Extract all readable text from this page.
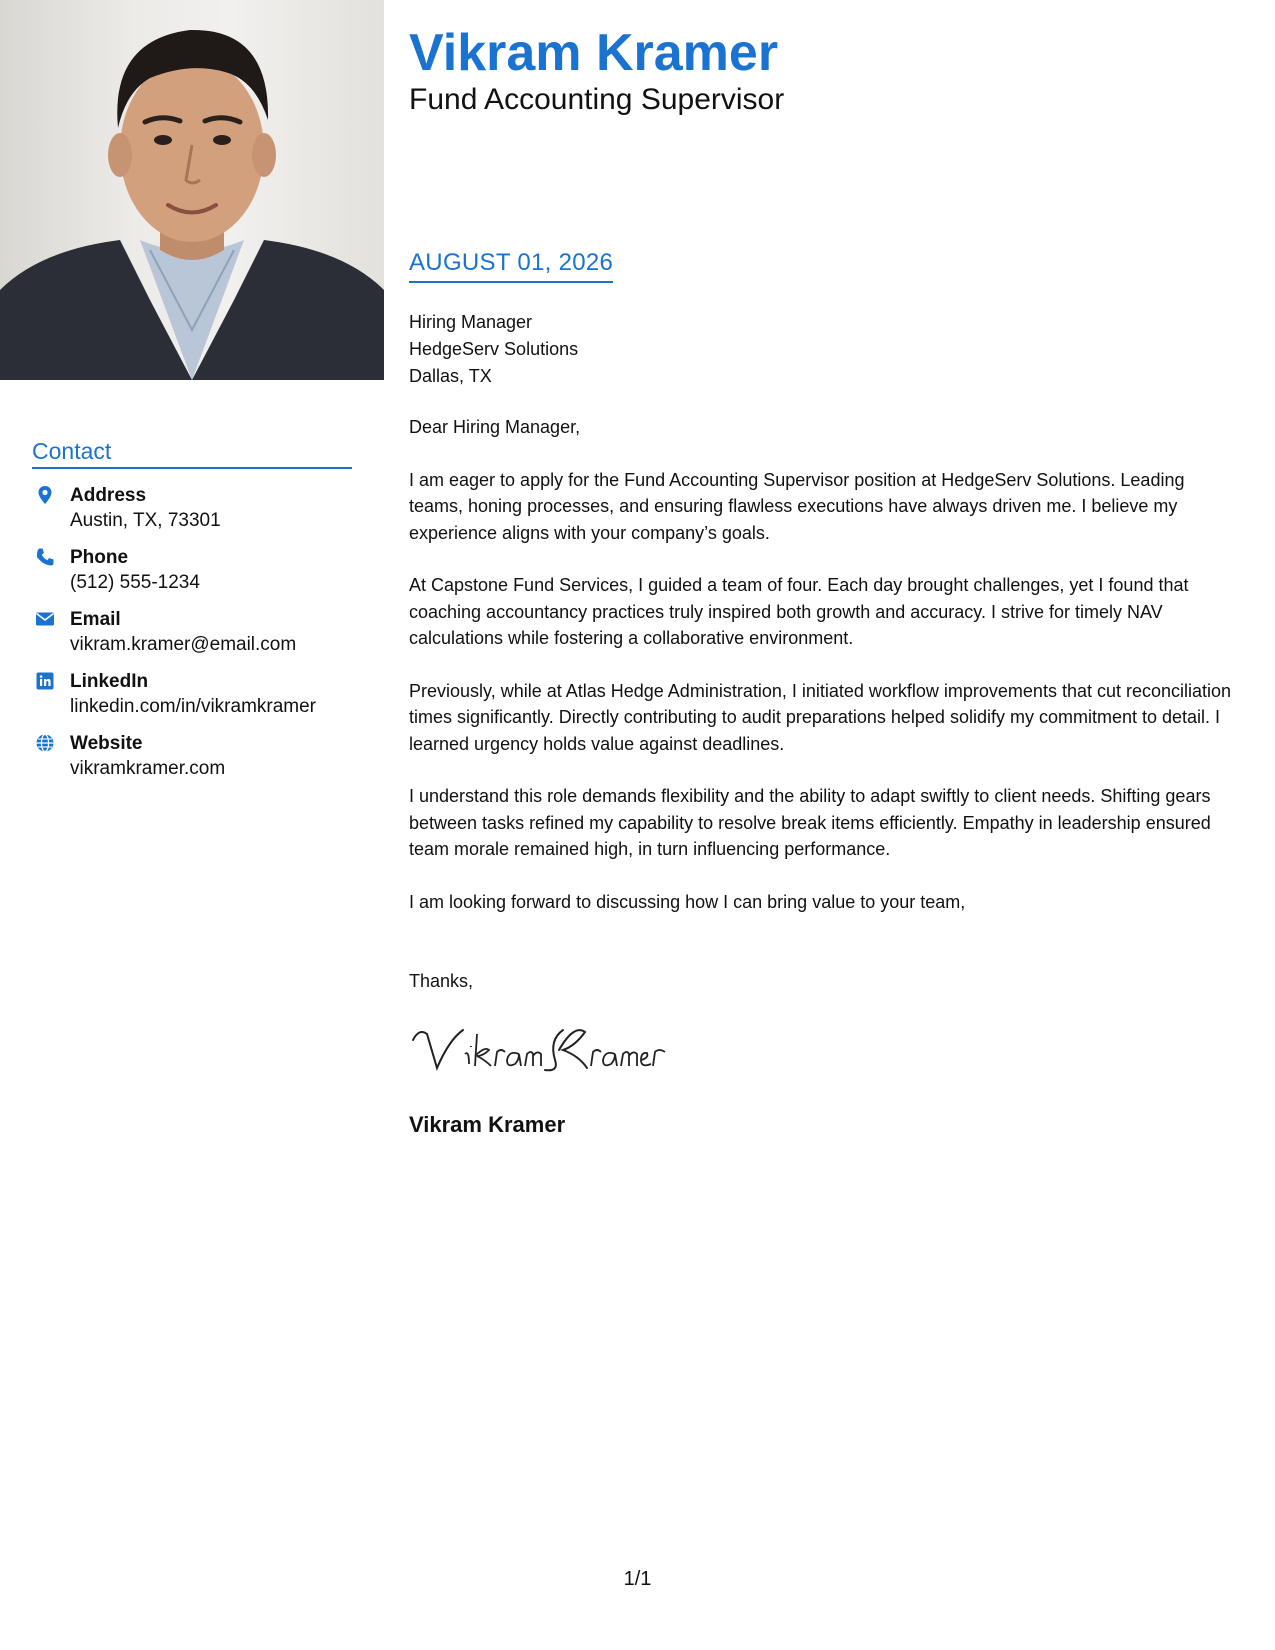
Contact
Address
Austin, TX, 73301
Phone
(512) 555-1234
Email
vikram.kramer@email.com
LinkedIn
linkedin.com/in/vikramkramer
Website
vikramkramer.com
Vikram Kramer
Fund Accounting Supervisor
AUGUST 01, 2026
Hiring Manager
HedgeServ Solutions
Dallas, TX

Dear Hiring Manager,

I am eager to apply for the Fund Accounting Supervisor position at HedgeServ Solutions. Leading teams, honing processes, and ensuring flawless executions have always driven me. I believe my experience aligns with your company’s goals.

At Capstone Fund Services, I guided a team of four. Each day brought challenges, yet I found that coaching accountancy practices truly inspired both growth and accuracy. I strive for timely NAV calculations while fostering a collaborative environment.

Previously, while at Atlas Hedge Administration, I initiated workflow improvements that cut reconciliation times significantly. Directly contributing to audit preparations helped solidify my commitment to detail. I learned urgency holds value against deadlines.

I understand this role demands flexibility and the ability to adapt swiftly to client needs. Shifting gears between tasks refined my capability to resolve break items efficiently. Empathy in leadership ensured team morale remained high, in turn influencing performance.

I am looking forward to discussing how I can bring value to your team,

Thanks,
Vikram Kramer
1/1
